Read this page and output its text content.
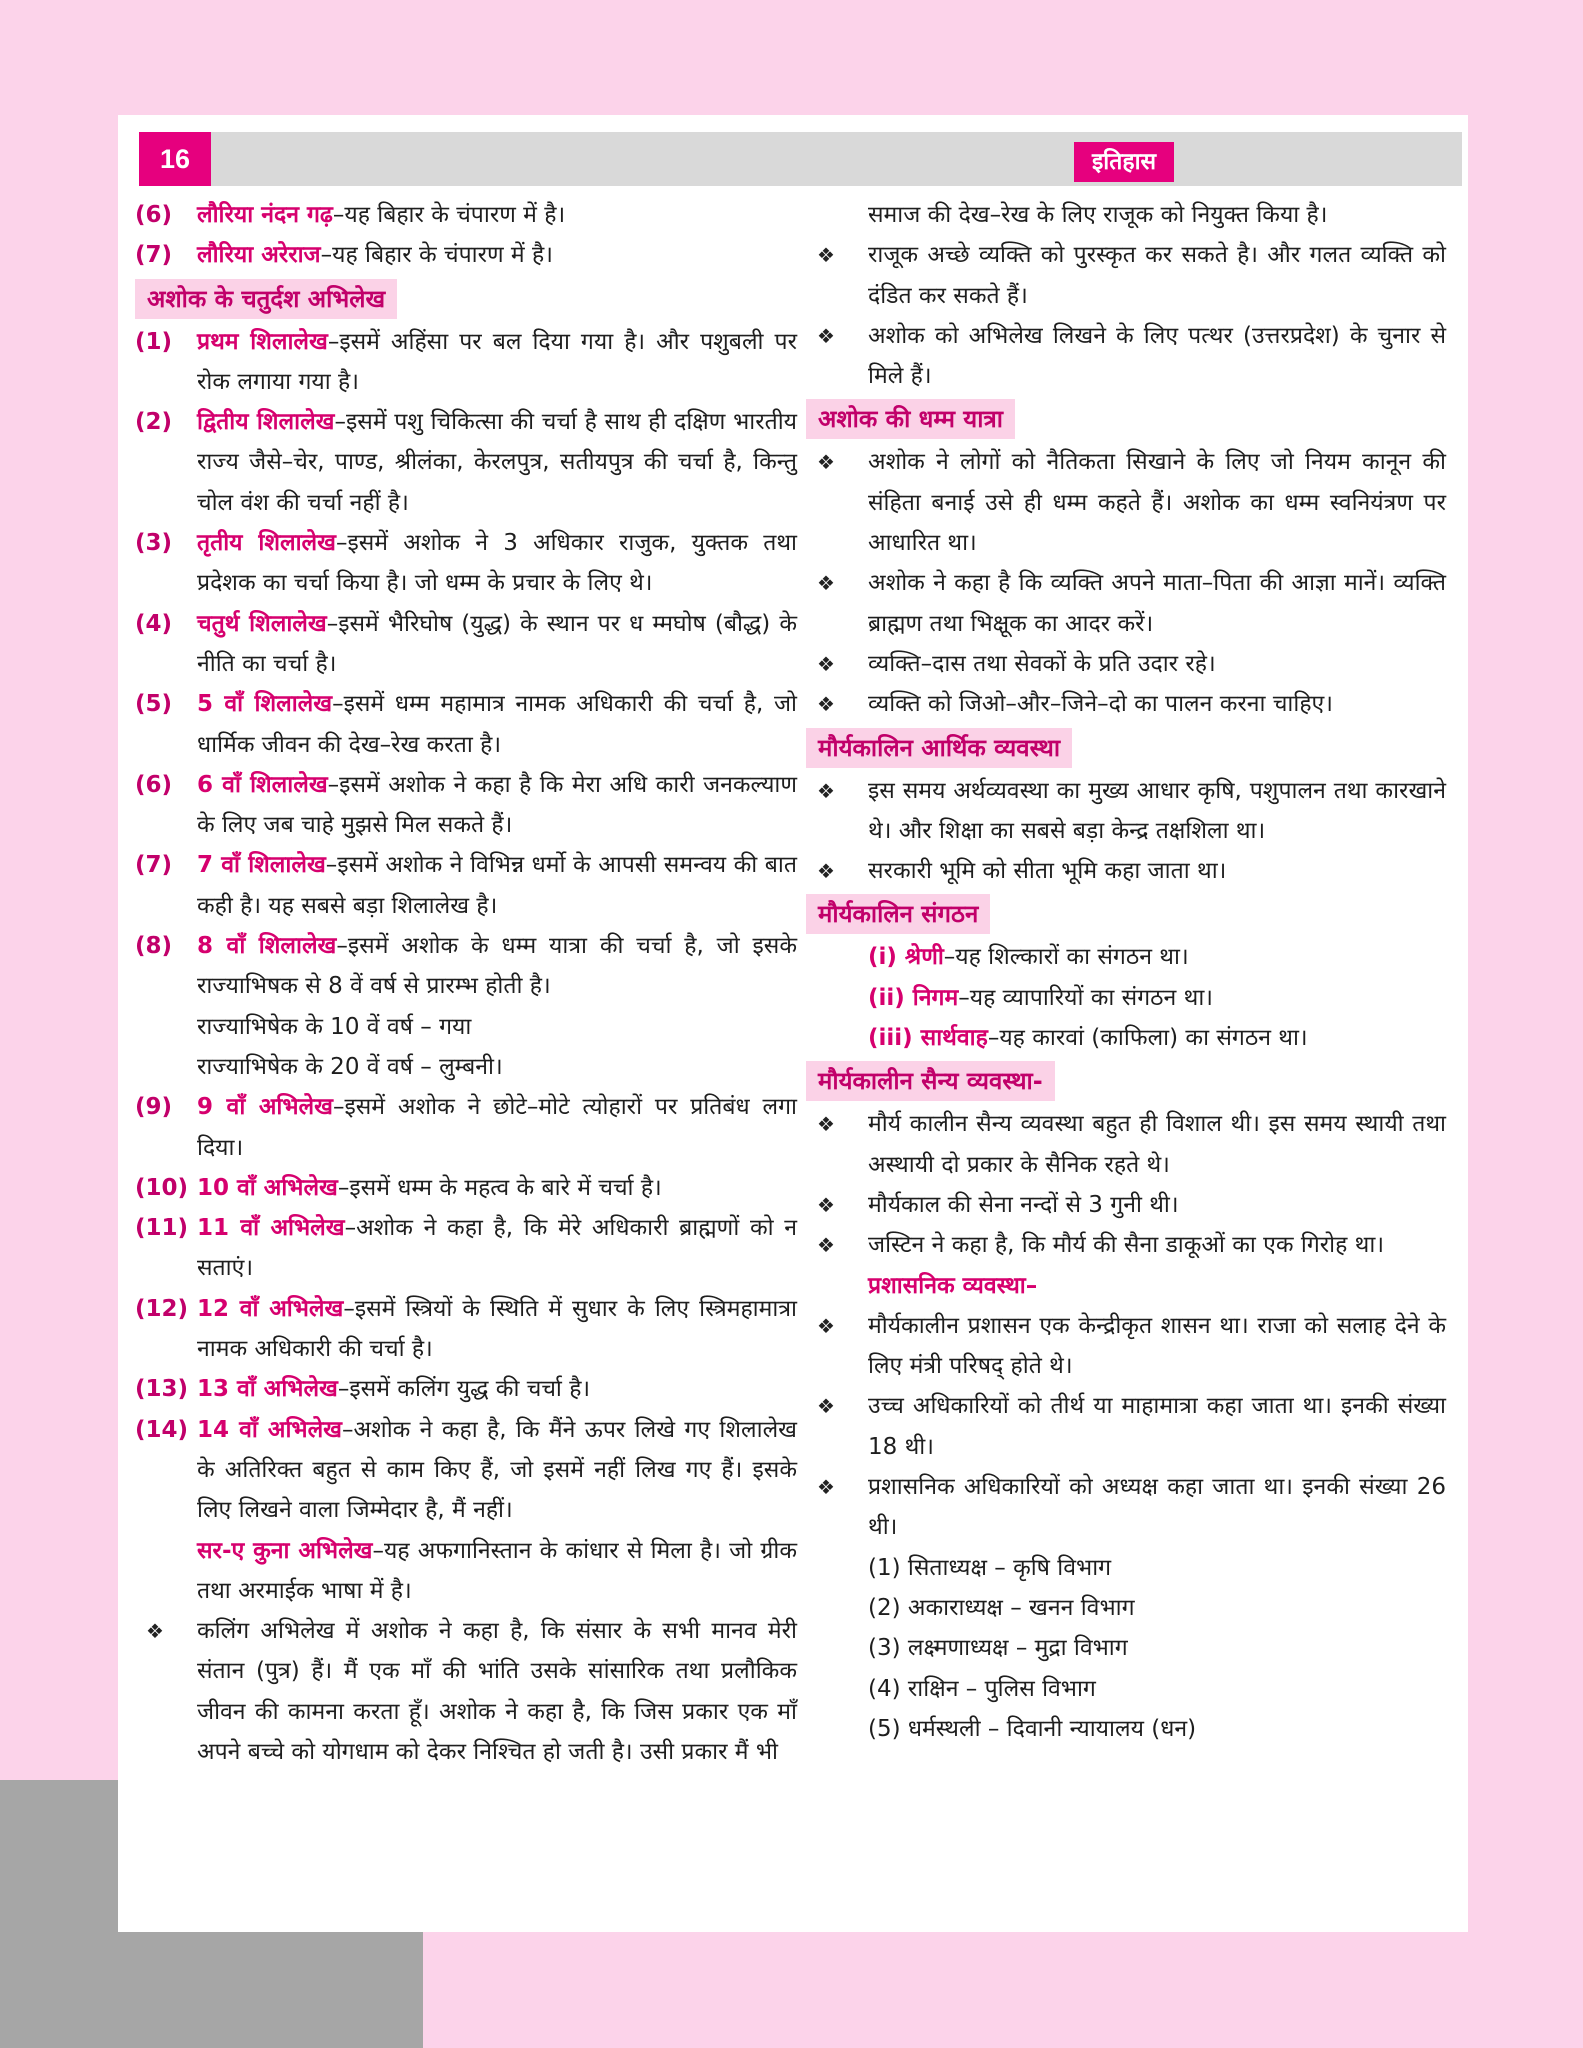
16	इतिहास
(6)	लौरिया नंदन गढ़–यह बिहार के चंपारण में है।
(7)	लौरिया अरेराज–यह बिहार के चंपारण में है।
अशोक के चतुर्दश अभिलेख
(1)	प्रथम शिलालेख–इसमें अहिंसा पर बल दिया गया है। और पशुबली पर रोक लगाया गया है।
(2)	द्वितीय शिलालेख–इसमें पशु चिकित्सा की चर्चा है साथ ही दक्षिण भारतीय राज्य जैसे–चेर, पाण्ड, श्रीलंका, केरलपुत्र, सतीयपुत्र की चर्चा है, किन्तु चोल वंश की चर्चा नहीं है।
(3)	तृतीय शिलालेख–इसमें अशोक ने 3 अधिकार राजुक, युक्तक तथा प्रदेशक का चर्चा किया है। जो धम्म के प्रचार के लिए थे।
(4)	चतुर्थ शिलालेख–इसमें भैरिघोष (युद्ध) के स्थान पर ध म्मघोष (बौद्ध) के नीति का चर्चा है।
(5)	5 वाँ शिलालेख–इसमें धम्म महामात्र नामक अधिकारी की चर्चा है, जो धार्मिक जीवन की देख–रेख करता है।
(6)	6 वाँ शिलालेख–इसमें अशोक ने कहा है कि मेरा अधि कारी जनकल्याण के लिए जब चाहे मुझसे मिल सकते हैं।
(7)	7 वाँ शिलालेख–इसमें अशोक ने विभिन्न धर्मो के आपसी समन्वय की बात कही है। यह सबसे बड़ा शिलालेख है।
(8)	8 वाँ शिलालेख–इसमें अशोक के धम्म यात्रा की चर्चा है, जो इसके राज्याभिषक से 8 वें वर्ष से प्रारम्भ होती है।
राज्याभिषेक के 10 वें वर्ष – गया
राज्याभिषेक के 20 वें वर्ष – लुम्बनी।
(9)	9 वाँ अभिलेख–इसमें अशोक ने छोटे–मोटे त्योहारों पर प्रतिबंध लगा दिया।
(10) 10 वाँ अभिलेख–इसमें धम्म के महत्व के बारे में चर्चा है।
(11) 11 वाँ अभिलेख–अशोक ने कहा है, कि मेरे अधिकारी ब्राह्मणों को न सताएं।
(12) 12 वाँ अभिलेख–इसमें स्त्रियों के स्थिति में सुधार के लिए स्त्रिमहामात्रा नामक अधिकारी की चर्चा है।
(13) 13 वाँ अभिलेख–इसमें कलिंग युद्ध की चर्चा है।
(14) 14 वाँ अभिलेख–अशोक ने कहा है, कि मैंने ऊपर लिखे गए शिलालेख के अतिरिक्त बहुत से काम किए हैं, जो इसमें नहीं लिख गए हैं। इसके लिए लिखने वाला जिम्मेदार है, मैं नहीं।
सर-ए कुना अभिलेख–यह अफगानिस्तान के कांधार से मिला है। जो ग्रीक तथा अरमाईक भाषा में है।
❖	कलिंग अभिलेख में अशोक ने कहा है, कि संसार के सभी मानव मेरी संतान (पुत्र) हैं। मैं एक माँ की भांति उसके सांसारिक तथा प्रलौकिक जीवन की कामना करता हूँ। अशोक ने कहा है, कि जिस प्रकार एक माँ अपने बच्चे को योगधाम को देकर निश्चित हो जती है। उसी प्रकार मैं भी
समाज की देख–रेख के लिए राजूक को नियुक्त किया है।
❖	राजूक अच्छे व्यक्ति को पुरस्कृत कर सकते है। और गलत व्यक्ति को दंडित कर सकते हैं।
❖	अशोक को अभिलेख लिखने के लिए पत्थर (उत्तरप्रदेश) के चुनार से मिले हैं।
अशोक की धम्म यात्रा
❖	अशोक ने लोगों को नैतिकता सिखाने के लिए जो नियम कानून की संहिता बनाई उसे ही धम्म कहते हैं। अशोक का धम्म स्वनियंत्रण पर आधारित था।
❖	अशोक ने कहा है कि व्यक्ति अपने माता–पिता की आज्ञा मानें। व्यक्ति ब्राह्मण तथा भिक्षूक का आदर करें।
❖	व्यक्ति–दास तथा सेवकों के प्रति उदार रहे।
❖	व्यक्ति को जिओ–और–जिने–दो का पालन करना चाहिए।
मौर्यकालिन आर्थिक व्यवस्था
❖	इस समय अर्थव्यवस्था का मुख्य आधार कृषि, पशुपालन तथा कारखाने थे। और शिक्षा का सबसे बड़ा केन्द्र तक्षशिला था।
❖	सरकारी भूमि को सीता भूमि कहा जाता था।
मौर्यकालिन संगठन
(i) श्रेणी–यह शिल्कारों का संगठन था।
(ii) निगम–यह व्यापारियों का संगठन था।
(iii) सार्थवाह–यह कारवां (काफिला) का संगठन था।
मौर्यकालीन सैन्य व्यवस्था-
❖	मौर्य कालीन सैन्य व्यवस्था बहुत ही विशाल थी। इस समय स्थायी तथा अस्थायी दो प्रकार के सैनिक रहते थे।
❖	मौर्यकाल की सेना नन्दों से 3 गुनी थी।
❖	जस्टिन ने कहा है, कि मौर्य की सैना डाकूओं का एक गिरोह था।
प्रशासनिक व्यवस्था–
❖	मौर्यकालीन प्रशासन एक केन्द्रीकृत शासन था। राजा को सलाह देने के लिए मंत्री परिषद् होते थे।
❖	उच्च अधिकारियों को तीर्थ या माहामात्रा कहा जाता था। इनकी संख्या 18 थी।
❖	प्रशासनिक अधिकारियों को अध्यक्ष कहा जाता था। इनकी संख्या 26 थी।
(1) सिताध्यक्ष – कृषि विभाग
(2) अकाराध्यक्ष – खनन विभाग
(3) लक्ष्मणाध्यक्ष – मुद्रा विभाग
(4) राक्षिन – पुलिस विभाग
(5) धर्मस्थली – दिवानी न्यायालय (धन)
